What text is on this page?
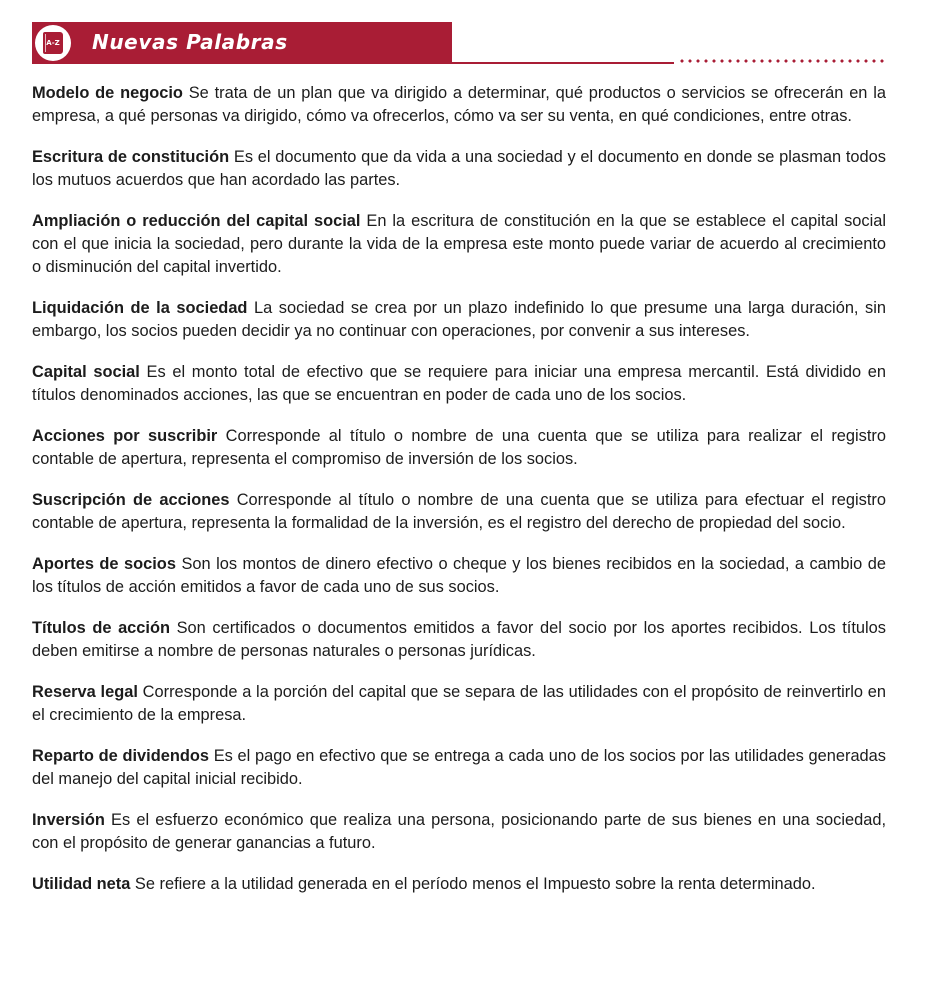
A-Z Nuevas Palabras

Modelo de negocio Se trata de un plan que va dirigido a determinar, qué productos o servicios se ofrecerán en la empresa, a qué personas va dirigido, cómo va ofrecerlos, cómo va ser su venta, en qué condiciones, entre otras.

Escritura de constitución Es el documento que da vida a una sociedad y el documento en donde se plasman todos los mutuos acuerdos que han acordado las partes.

Ampliación o reducción del capital social En la escritura de constitución en la que se establece el capital social con el que inicia la sociedad, pero durante la vida de la empresa este monto puede variar de acuerdo al crecimiento o disminución del capital invertido.

Liquidación de la sociedad La sociedad se crea por un plazo indefinido lo que presume una larga duración, sin embargo, los socios pueden decidir ya no continuar con operaciones, por convenir a sus intereses.

Capital social Es el monto total de efectivo que se requiere para iniciar una empresa mercantil. Está dividido en títulos denominados acciones, las que se encuentran en poder de cada uno de los socios.

Acciones por suscribir Corresponde al título o nombre de una cuenta que se utiliza para realizar el registro contable de apertura, representa el compromiso de inversión de los socios.

Suscripción de acciones Corresponde al título o nombre de una cuenta que se utiliza para efectuar el registro contable de apertura, representa la formalidad de la inversión, es el registro del derecho de propiedad del socio.

Aportes de socios Son los montos de dinero efectivo o cheque y los bienes recibidos en la sociedad, a cambio de los títulos de acción emitidos a favor de cada uno de sus socios.

Títulos de acción Son certificados o documentos emitidos a favor del socio por los aportes recibidos. Los títulos deben emitirse a nombre de personas naturales o personas jurídicas.

Reserva legal Corresponde a la porción del capital que se separa de las utilidades con el propósito de reinvertirlo en el crecimiento de la empresa.

Reparto de dividendos Es el pago en efectivo que se entrega a cada uno de los socios por las utilidades generadas del manejo del capital inicial recibido.

Inversión Es el esfuerzo económico que realiza una persona, posicionando parte de sus bienes en una sociedad, con el propósito de generar ganancias a futuro.

Utilidad neta Se refiere a la utilidad generada en el período menos el Impuesto sobre la renta determinado.
